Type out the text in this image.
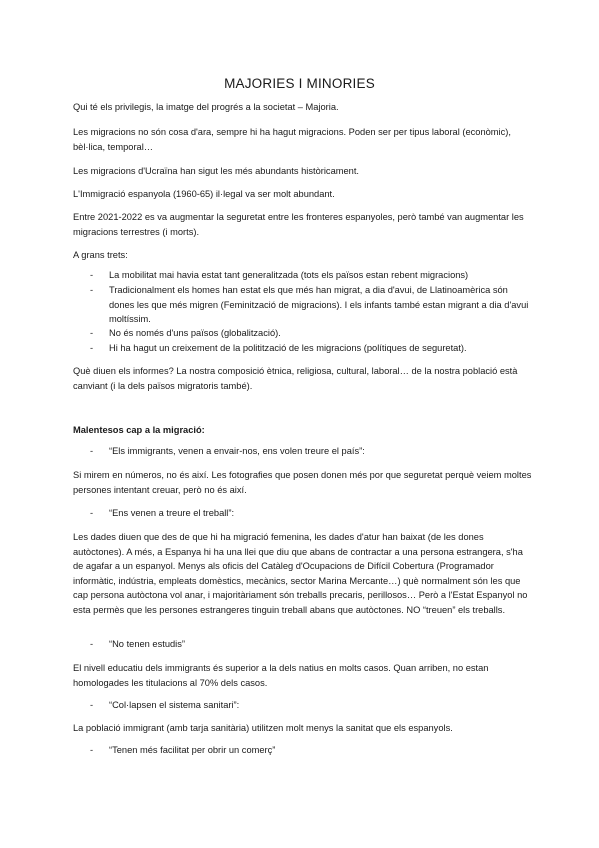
MAJORIES I MINORIES

Qui té els privilegis, la imatge del progrés a la societat – Majoria.

Les migracions no són cosa d'ara, sempre hi ha hagut migracions. Poden ser per tipus laboral (econòmic), bèl·lica, temporal…

Les migracions d'Ucraïna han sigut les més abundants històricament.

L'Immigració espanyola (1960-65) il·legal va ser molt abundant.

Entre 2021-2022 es va augmentar la seguretat entre les fronteres espanyoles, però també van augmentar les migracions terrestres (i morts).

A grans trets:

- La mobilitat mai havia estat tant generalitzada (tots els països estan rebent migracions)
- Tradicionalment els homes han estat els que més han migrat, a dia d'avui, de Llatinoamèrica són dones les que més migren (Feminització de migracions). I els infants també estan migrant a dia d'avui moltíssim.
- No és només d'uns països (globalització).
- Hi ha hagut un creixement de la politització de les migracions (polítiques de seguretat).

Què diuen els informes? La nostra composició ètnica, religiosa, cultural, laboral… de la nostra població està canviant (i la dels països migratoris també).

Malentesos cap a la migració:

- “Els immigrants, venen a envair-nos, ens volen treure el país”:

Si mirem en números, no és així. Les fotografies que posen donen més por que seguretat perquè veiem moltes persones intentant creuar, però no és així.

- “Ens venen a treure el treball”:

Les dades diuen que des de que hi ha migració femenina, les dades d'atur han baixat (de les dones autòctones). A més, a Espanya hi ha una llei que diu que abans de contractar a una persona estrangera, s'ha de agafar a un espanyol. Menys als oficis del Catàleg d'Ocupacions de Difícil Cobertura (Programador informàtic, indústria, empleats domèstics, mecànics, sector Marina Mercante…) què normalment són les que cap persona autòctona vol anar, i majoritàriament són treballs precaris, perillosos… Però a l'Estat Espanyol no esta permès que les persones estrangeres tinguin treball abans que autòctones. NO “treuen” els treballs.

- “No tenen estudis”

El nivell educatiu dels immigrants és superior a la dels natius en molts casos. Quan arriben, no estan homologades les titulacions al 70% dels casos.

- “Col·lapsen el sistema sanitari”:

La població immigrant (amb tarja sanitària) utilitzen molt menys la sanitat que els espanyols.

- “Tenen més facilitat per obrir un comerç”
